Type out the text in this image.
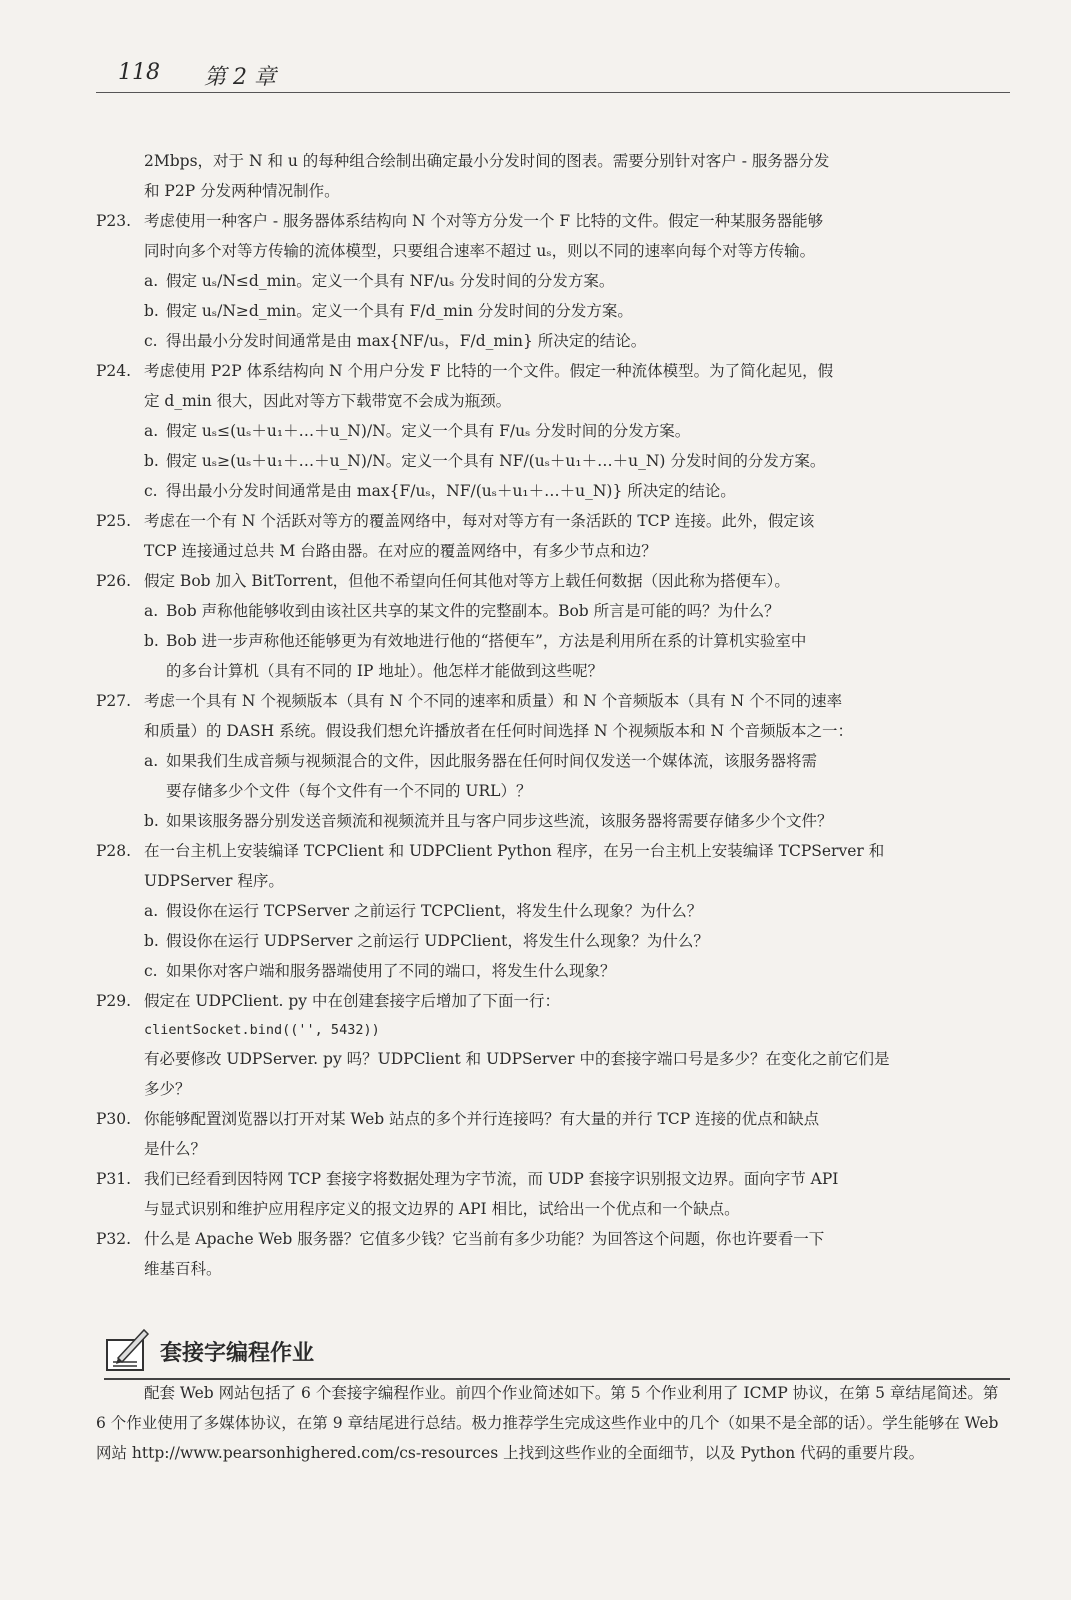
118 第 2 章
2Mbps，对于 N 和 u 的每种组合绘制出确定最小分发时间的图表。需要分别针对客户 - 服务器分发
和 P2P 分发两种情况制作。
P23. 考虑使用一种客户 - 服务器体系结构向 N 个对等方分发一个 F 比特的文件。假定一种某服务器能够
同时向多个对等方传输的流体模型，只要组合速率不超过 uₛ，则以不同的速率向每个对等方传输。
a. 假定 uₛ/N≤d_min。定义一个具有 NF/uₛ 分发时间的分发方案。
b. 假定 uₛ/N≥d_min。定义一个具有 F/d_min 分发时间的分发方案。
c. 得出最小分发时间通常是由 max{NF/uₛ，F/d_min} 所决定的结论。
P24. 考虑使用 P2P 体系结构向 N 个用户分发 F 比特的一个文件。假定一种流体模型。为了简化起见，假
定 d_min 很大，因此对等方下载带宽不会成为瓶颈。
a. 假定 uₛ≤(uₛ＋u₁＋…＋u_N)/N。定义一个具有 F/uₛ 分发时间的分发方案。
b. 假定 uₛ≥(uₛ＋u₁＋…＋u_N)/N。定义一个具有 NF/(uₛ＋u₁＋…＋u_N) 分发时间的分发方案。
c. 得出最小分发时间通常是由 max{F/uₛ，NF/(uₛ＋u₁＋…＋u_N)} 所决定的结论。
P25. 考虑在一个有 N 个活跃对等方的覆盖网络中，每对对等方有一条活跃的 TCP 连接。此外，假定该
TCP 连接通过总共 M 台路由器。在对应的覆盖网络中，有多少节点和边？
P26. 假定 Bob 加入 BitTorrent，但他不希望向任何其他对等方上载任何数据（因此称为搭便车）。
a. Bob 声称他能够收到由该社区共享的某文件的完整副本。Bob 所言是可能的吗？为什么？
b. Bob 进一步声称他还能够更为有效地进行他的“搭便车”，方法是利用所在系的计算机实验室中
的多台计算机（具有不同的 IP 地址）。他怎样才能做到这些呢？
P27. 考虑一个具有 N 个视频版本（具有 N 个不同的速率和质量）和 N 个音频版本（具有 N 个不同的速率
和质量）的 DASH 系统。假设我们想允许播放者在任何时间选择 N 个视频版本和 N 个音频版本之一：
a. 如果我们生成音频与视频混合的文件，因此服务器在任何时间仅发送一个媒体流，该服务器将需
要存储多少个文件（每个文件有一个不同的 URL）？
b. 如果该服务器分别发送音频流和视频流并且与客户同步这些流，该服务器将需要存储多少个文件？
P28. 在一台主机上安装编译 TCPClient 和 UDPClient Python 程序，在另一台主机上安装编译 TCPServer 和
UDPServer 程序。
a. 假设你在运行 TCPServer 之前运行 TCPClient，将发生什么现象？为什么？
b. 假设你在运行 UDPServer 之前运行 UDPClient，将发生什么现象？为什么？
c. 如果你对客户端和服务器端使用了不同的端口，将发生什么现象？
P29. 假定在 UDPClient. py 中在创建套接字后增加了下面一行：
clientSocket.bind(('', 5432))
有必要修改 UDPServer. py 吗？UDPClient 和 UDPServer 中的套接字端口号是多少？在变化之前它们是
多少？
P30. 你能够配置浏览器以打开对某 Web 站点的多个并行连接吗？有大量的并行 TCP 连接的优点和缺点
是什么？
P31. 我们已经看到因特网 TCP 套接字将数据处理为字节流，而 UDP 套接字识别报文边界。面向字节 API
与显式识别和维护应用程序定义的报文边界的 API 相比，试给出一个优点和一个缺点。
P32. 什么是 Apache Web 服务器？它值多少钱？它当前有多少功能？为回答这个问题，你也许要看一下
维基百科。
套接字编程作业

配套 Web 网站包括了 6 个套接字编程作业。前四个作业简述如下。第 5 个作业利用了 ICMP 协议，在第 5 章结尾简述。第 6 个作业使用了多媒体协议，在第 9 章结尾进行总结。极力推荐学生完成这些作业中的几个（如果不是全部的话）。学生能够在 Web 网站 http://www.pearsonhighered.com/cs-resources 上找到这些作业的全面细节，以及 Python 代码的重要片段。
